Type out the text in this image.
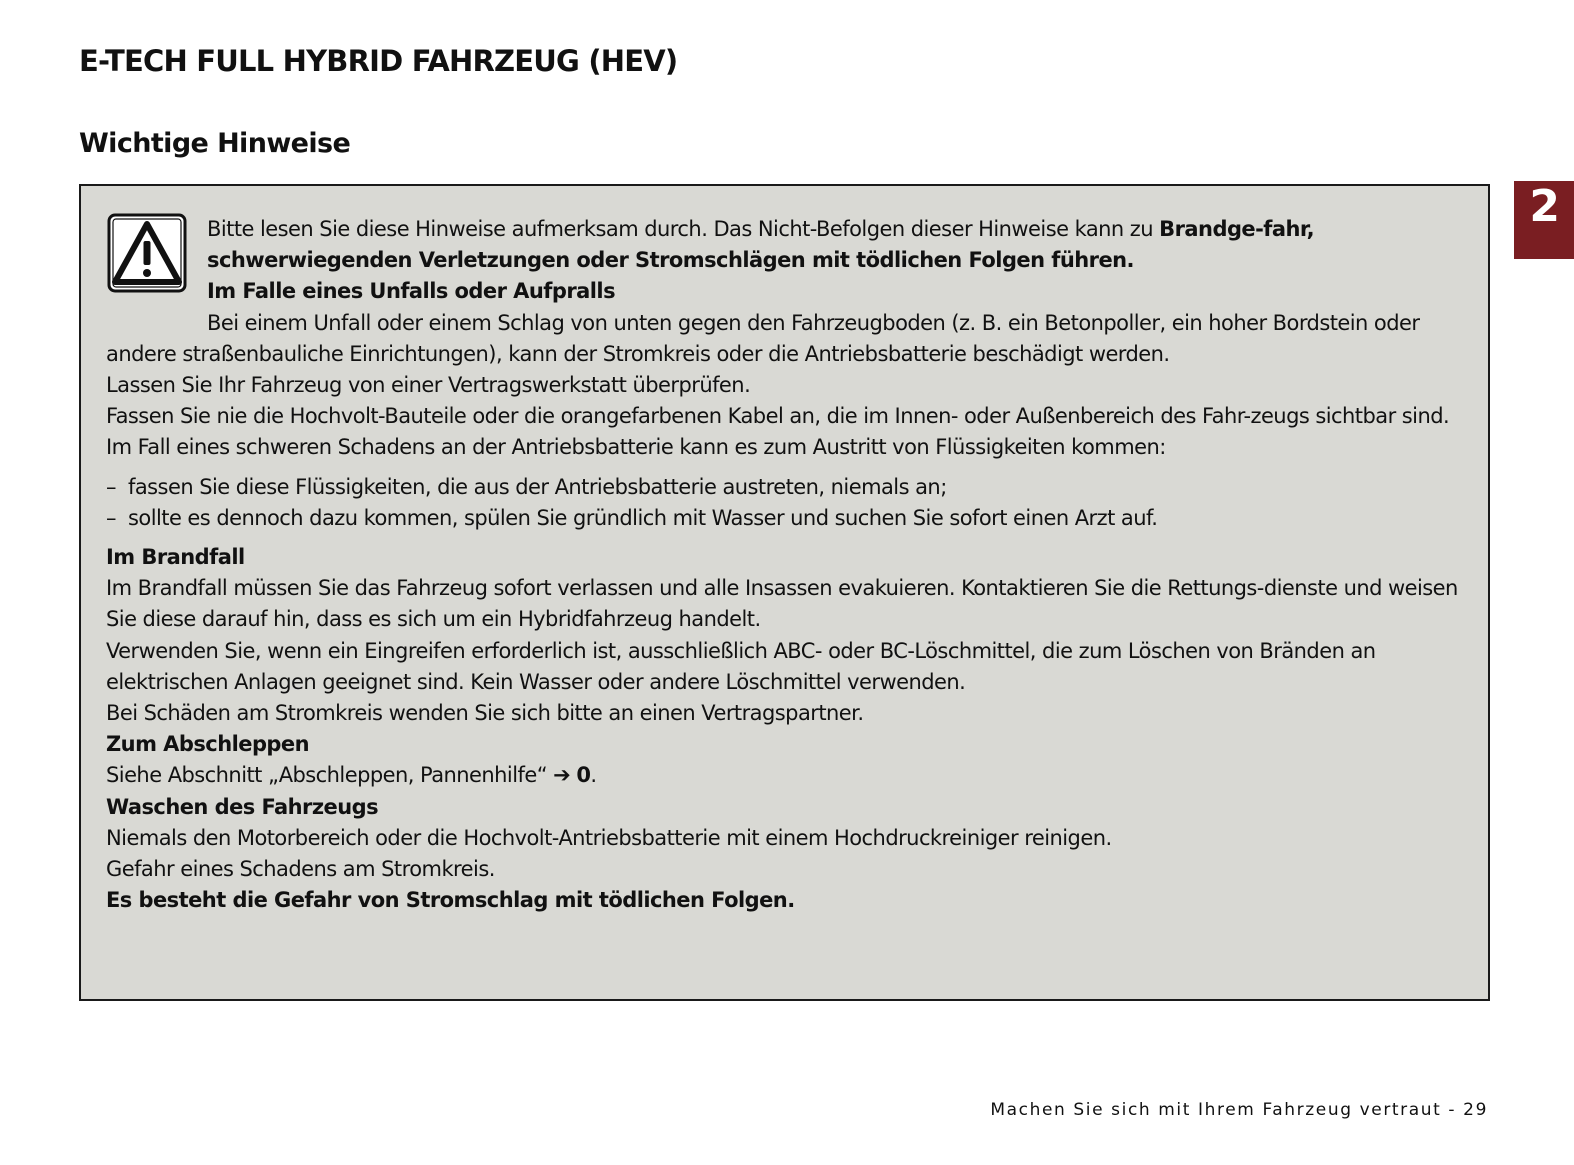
E-TECH FULL HYBRID FAHRZEUG (HEV)
Wichtige Hinweise
2

Bitte lesen Sie diese Hinweise aufmerksam durch. Das Nicht-Befolgen dieser Hinweise kann zu Brandge-fahr, schwerwiegenden Verletzungen oder Stromschlägen mit tödlichen Folgen führen.

Im Falle eines Unfalls oder Aufpralls

Bei einem Unfall oder einem Schlag von unten gegen den Fahrzeugboden (z. B. ein Betonpoller, ein hoher Bordstein oder andere straßenbauliche Einrichtungen), kann der Stromkreis oder die Antriebsbatterie beschädigt werden.

Lassen Sie Ihr Fahrzeug von einer Vertragswerkstatt überprüfen.

Fassen Sie nie die Hochvolt-Bauteile oder die orangefarbenen Kabel an, die im Innen- oder Außenbereich des Fahr-zeugs sichtbar sind.

Im Fall eines schweren Schadens an der Antriebsbatterie kann es zum Austritt von Flüssigkeiten kommen:

– fassen Sie diese Flüssigkeiten, die aus der Antriebsbatterie austreten, niemals an;
– sollte es dennoch dazu kommen, spülen Sie gründlich mit Wasser und suchen Sie sofort einen Arzt auf.

Im Brandfall

Im Brandfall müssen Sie das Fahrzeug sofort verlassen und alle Insassen evakuieren. Kontaktieren Sie die Rettungs-dienste und weisen Sie diese darauf hin, dass es sich um ein Hybridfahrzeug handelt.

Verwenden Sie, wenn ein Eingreifen erforderlich ist, ausschließlich ABC- oder BC-Löschmittel, die zum Löschen von Bränden an elektrischen Anlagen geeignet sind. Kein Wasser oder andere Löschmittel verwenden.

Bei Schäden am Stromkreis wenden Sie sich bitte an einen Vertragspartner.

Zum Abschleppen

Siehe Abschnitt „Abschleppen, Pannenhilfe“ ➔ 0.

Waschen des Fahrzeugs

Niemals den Motorbereich oder die Hochvolt-Antriebsbatterie mit einem Hochdruckreiniger reinigen.

Gefahr eines Schadens am Stromkreis.

Es besteht die Gefahr von Stromschlag mit tödlichen Folgen.

Machen Sie sich mit Ihrem Fahrzeug vertraut - 29
